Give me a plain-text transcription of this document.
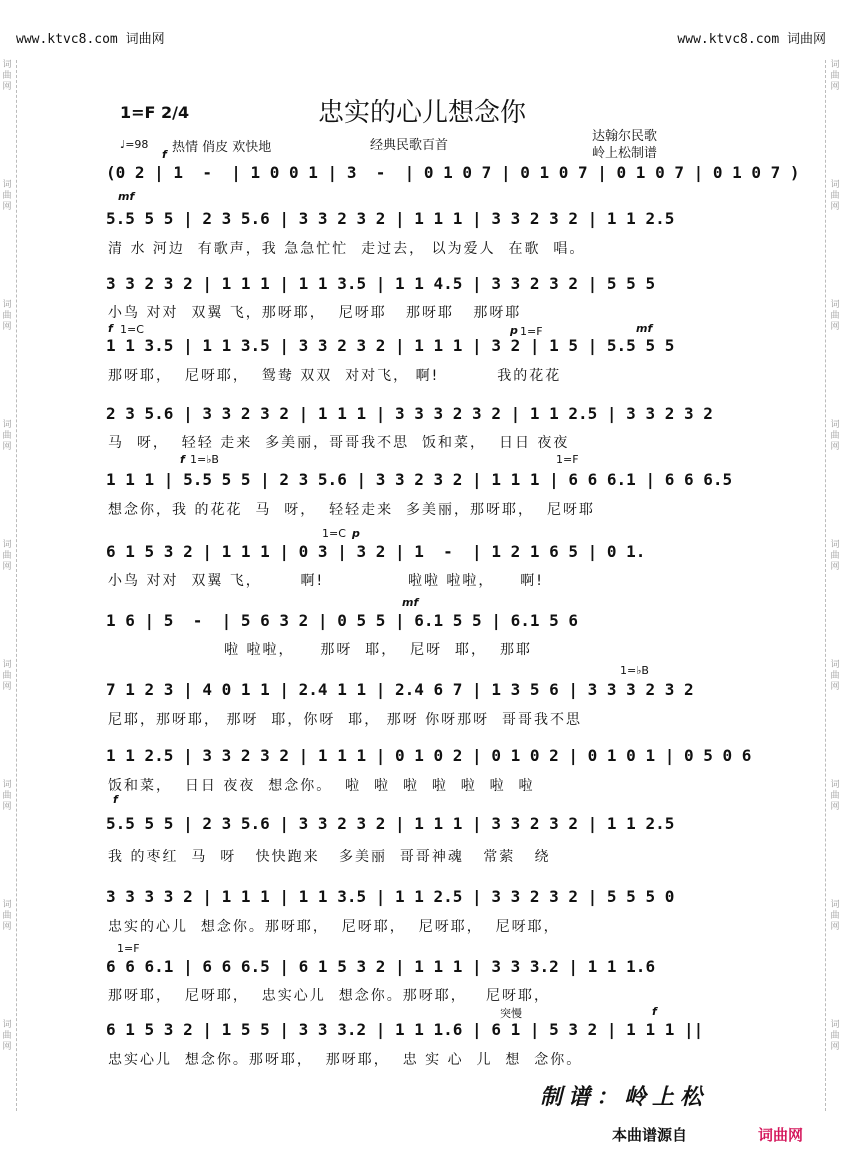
www.ktvc8.com 词曲网	www.ktvc8.com 词曲网
词曲网
词曲网
词曲网
词曲网
词曲网
词曲网
词曲网
词曲网
词曲网
词曲网
词曲网
词曲网
词曲网
词曲网
词曲网
词曲网
词曲网
词曲网
1=F 2/4	忠实的心儿想念你
♩=98 热情 俏皮 欢快地	经典民歌百首
达翰尔民歌
岭上松制谱
(0 2 | 1  -  | 1 0 0 1 | 3  -  | 0 1 0 7 | 0 1 0 7 | 0 1 0 7 | 0 1 0 7 )
5.5 5 5 | 2 3 5.6 | 3 3 2 3 2 | 1 1 1 | 3 3 2 3 2 | 1 1 2.5
清 水 河边  有歌声，我 急急忙忙  走过去， 以为爱人  在歌  唱。
3 3 2 3 2 | 1 1 1 | 1 1 3.5 | 1 1 4.5 | 3 3 2 3 2 | 5 5 5
小鸟 对对  双翼 飞，那呀耶，  尼呀耶   那呀耶   那呀耶
1 1 3.5 | 1 1 3.5 | 3 3 2 3 2 | 1 1 1 | 3 2 | 1 5 | 5.5 5 5
那呀耶，  尼呀耶，  鸳鸯 双双  对对飞， 啊!         我的花花
2 3 5.6 | 3 3 2 3 2 | 1 1 1 | 3 3 3 2 3 2 | 1 1 2.5 | 3 3 2 3 2
马  呀，  轻轻 走来  多美丽，哥哥我不思  饭和菜，  日日 夜夜
1 1 1 | 5.5 5 5 | 2 3 5.6 | 3 3 2 3 2 | 1 1 1 | 6 6 6.1 | 6 6 6.5
想念你，我 的花花  马  呀，  轻轻走来  多美丽，那呀耶，  尼呀耶
6 1 5 3 2 | 1 1 1 | 0 3 | 3 2 | 1  -  | 1 2 1 6 5 | 0 1.
小鸟 对对  双翼 飞，      啊!             啦啦 啦啦，    啊!
1 6 | 5  -  | 5 6 3 2 | 0 5 5 | 6.1 5 5 | 6.1 5 6
啦 啦啦，    那呀  耶，  尼呀  耶，  那耶
7 1 2 3 | 4 0 1 1 | 2.4 1 1 | 2.4 6 7 | 1 3 5 6 | 3 3 3 2 3 2
尼耶，那呀耶， 那呀  耶，你呀  耶， 那呀 你呀那呀  哥哥我不思
1 1 2.5 | 3 3 2 3 2 | 1 1 1 | 0 1 0 2 | 0 1 0 2 | 0 1 0 1 | 0 5 0 6
饭和菜，  日日 夜夜  想念你。  啦  啦  啦  啦  啦  啦  啦
5.5 5 5 | 2 3 5.6 | 3 3 2 3 2 | 1 1 1 | 3 3 2 3 2 | 1 1 2.5
我 的枣红  马  呀   快快跑来   多美丽  哥哥神魂   常萦   绕
3 3 3 3 2 | 1 1 1 | 1 1 3.5 | 1 1 2.5 | 3 3 2 3 2 | 5 5 5 0
忠实的心儿  想念你。那呀耶，  尼呀耶，  尼呀耶，  尼呀耶，
6 6 6.1 | 6 6 6.5 | 6 1 5 3 2 | 1 1 1 | 3 3 3.2 | 1 1 1.6
那呀耶，  尼呀耶，  忠实心儿  想念你。那呀耶，   尼呀耶，
6 1 5 3 2 | 1 5 5 | 3 3 3.2 | 1 1 1.6 | 6 1 | 5 3 2 | 1 1 1 ||
忠实心儿  想念你。那呀耶，  那呀耶，  忠 实 心  儿  想  念你。
f
mf
f 1=C	p 1=F	mf
f 1=♭B	1=F
1=C p
mf
1=♭B
f
1=F
突慢	f
制谱：岭上松
本曲谱源自	词曲网
